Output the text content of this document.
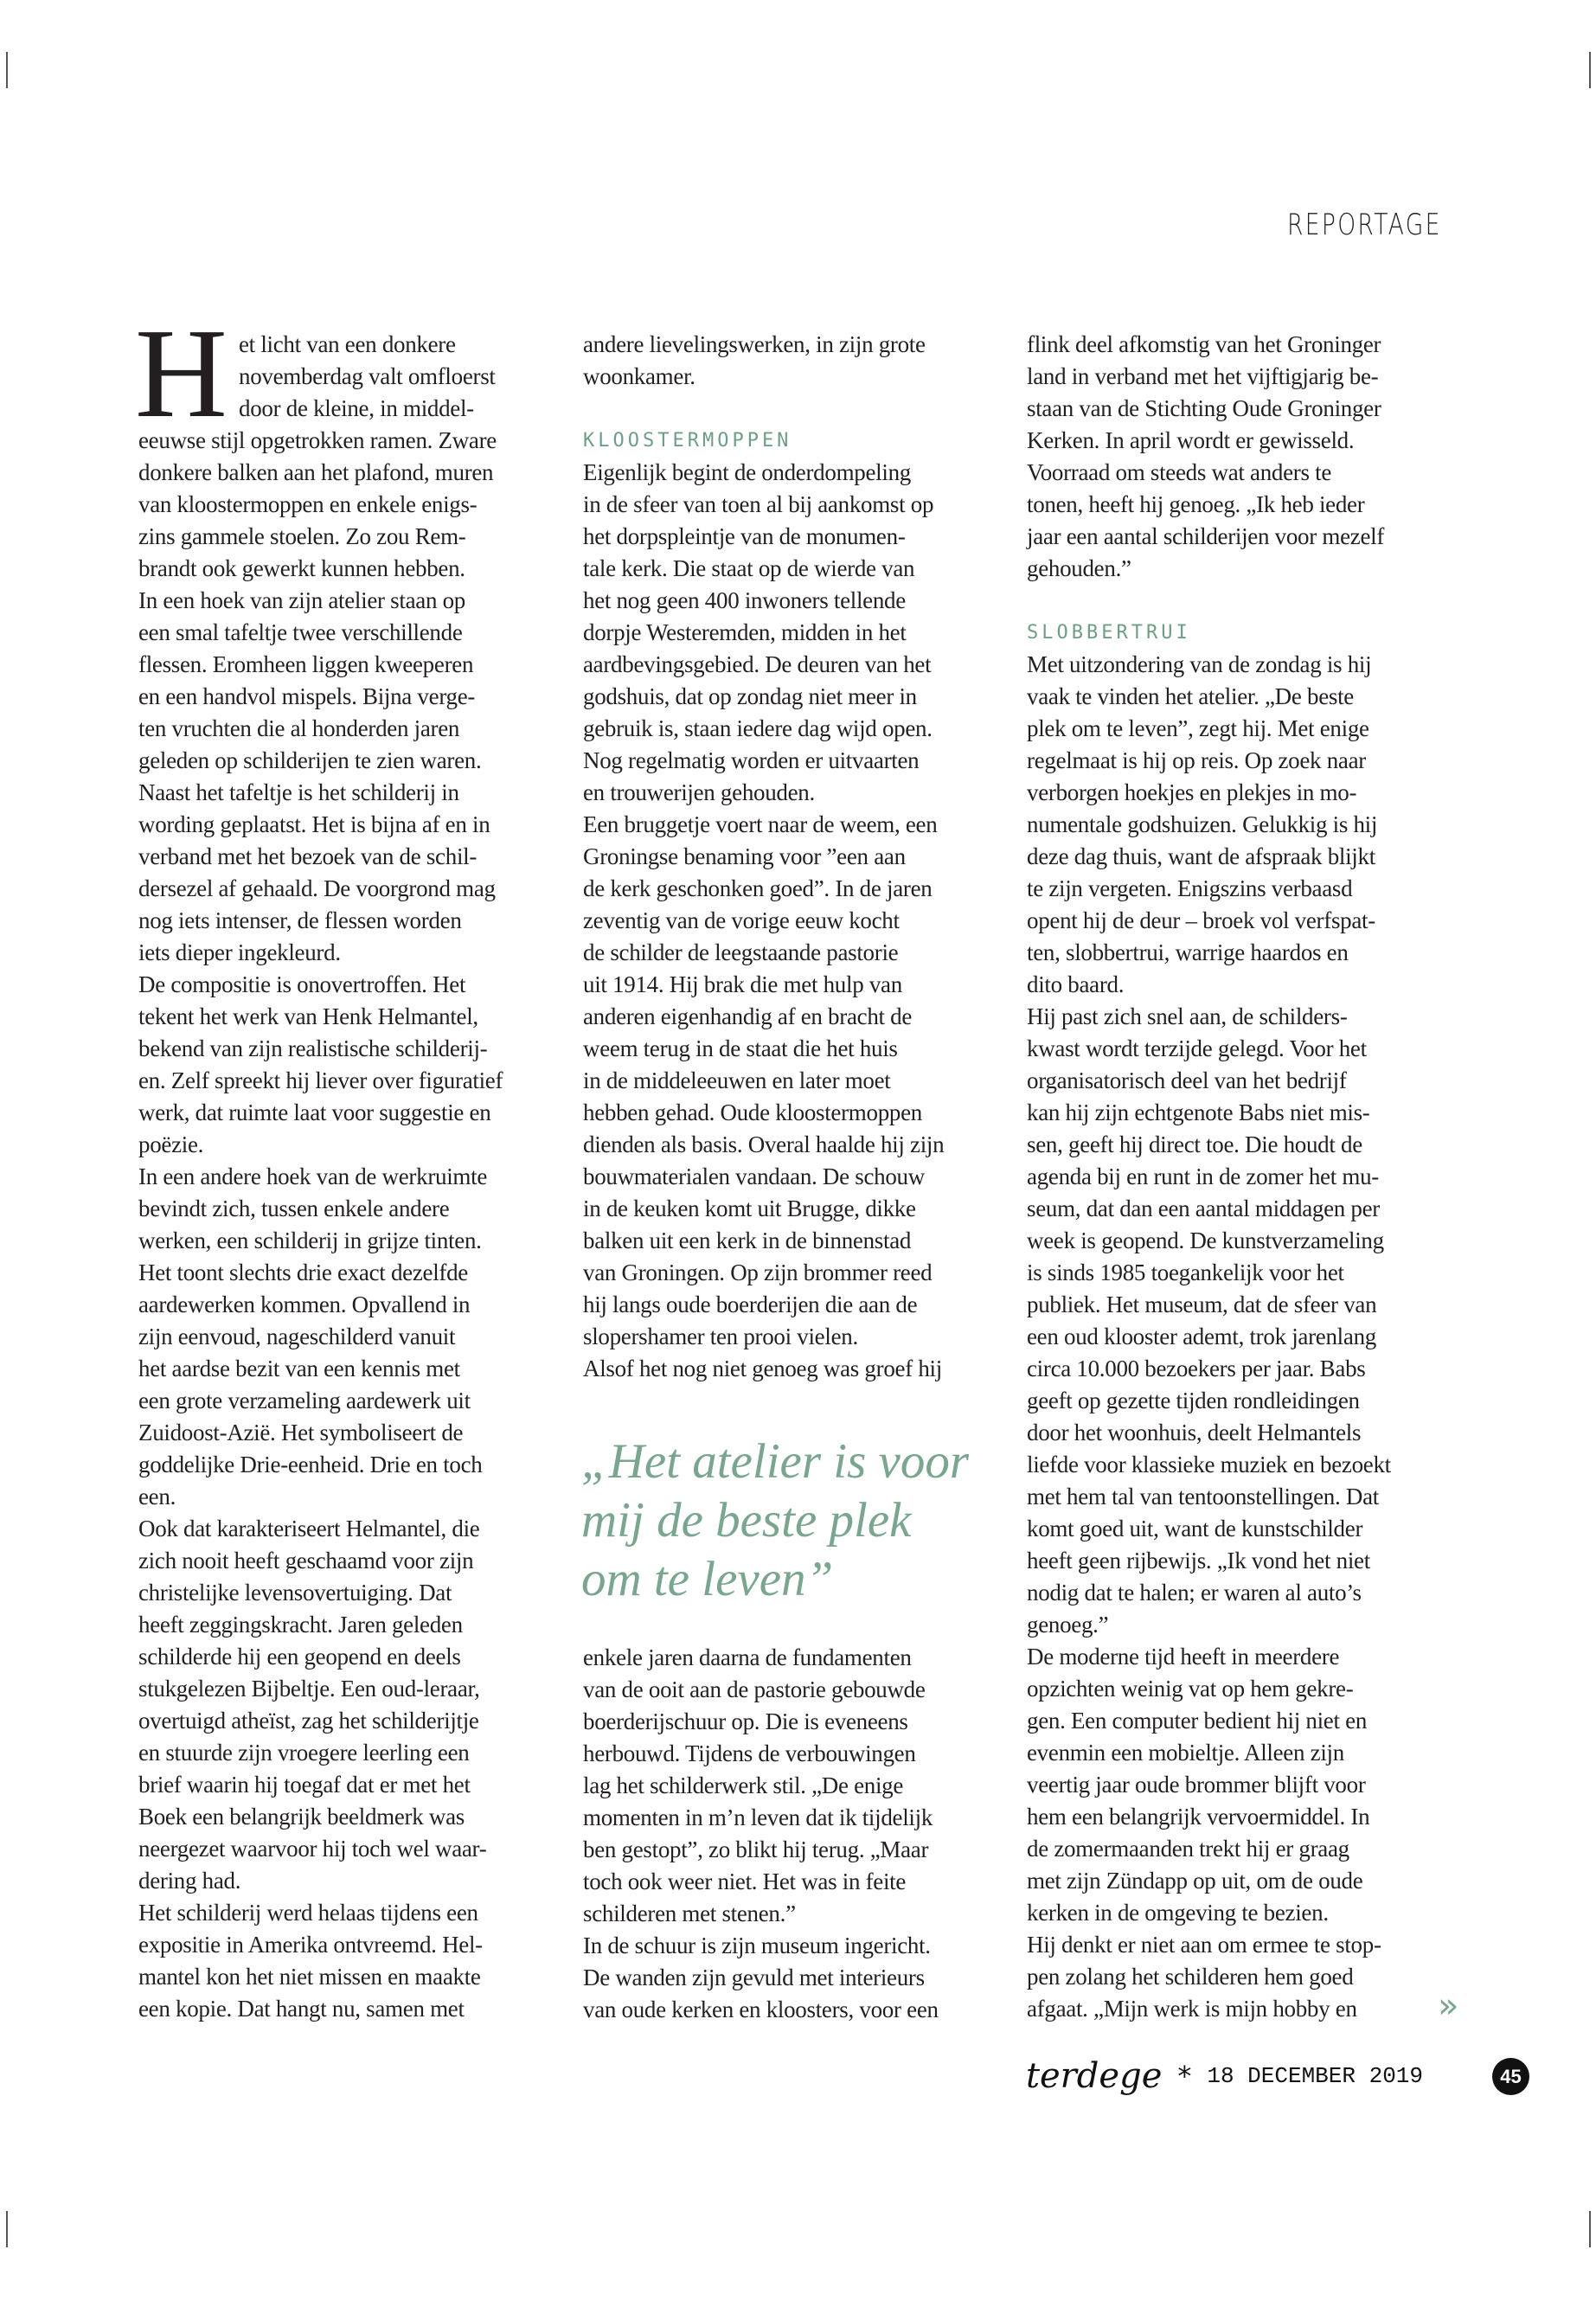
REPORTAGE
H et licht van een donkere
novemberdag valt omfloerst
door de kleine, in middel-
eeuwse stijl opgetrokken ramen. Zware
donkere balken aan het plafond, muren
van kloostermoppen en enkele enigs-
zins gammele stoelen. Zo zou Rem-
brandt ook gewerkt kunnen hebben.
In een hoek van zijn atelier staan op
een smal tafeltje twee verschillende
flessen. Eromheen liggen kweeperen
en een handvol mispels. Bijna verge-
ten vruchten die al honderden jaren
geleden op schilderijen te zien waren.
Naast het tafeltje is het schilderij in
wording geplaatst. Het is bijna af en in
verband met het bezoek van de schil-
dersezel af gehaald. De voorgrond mag
nog iets intenser, de flessen worden
iets dieper ingekleurd.
De compositie is onovertroffen. Het
tekent het werk van Henk Helmantel,
bekend van zijn realistische schilderij-
en. Zelf spreekt hij liever over figuratief
werk, dat ruimte laat voor suggestie en
poëzie.
In een andere hoek van de werkruimte
bevindt zich, tussen enkele andere
werken, een schilderij in grijze tinten.
Het toont slechts drie exact dezelfde
aardewerken kommen. Opvallend in
zijn eenvoud, nageschilderd vanuit
het aardse bezit van een kennis met
een grote verzameling aardewerk uit
Zuidoost-Azië. Het symboliseert de
goddelijke Drie-eenheid. Drie en toch
een.
Ook dat karakteriseert Helmantel, die
zich nooit heeft geschaamd voor zijn
christelijke levensovertuiging. Dat
heeft zeggingskracht. Jaren geleden
schilderde hij een geopend en deels
stukgelezen Bijbeltje. Een oud-leraar,
overtuigd atheïst, zag het schilderijtje
en stuurde zijn vroegere leerling een
brief waarin hij toegaf dat er met het
Boek een belangrijk beeldmerk was
neergezet waarvoor hij toch wel waar-
dering had.
Het schilderij werd helaas tijdens een
expositie in Amerika ontvreemd. Hel-
mantel kon het niet missen en maakte
een kopie. Dat hangt nu, samen met
andere lievelingswerken, in zijn grote
woonkamer.
KLOOSTERMOPPEN
Eigenlijk begint de onderdompeling
in de sfeer van toen al bij aankomst op
het dorpspleintje van de monumen-
tale kerk. Die staat op de wierde van
het nog geen 400 inwoners tellende
dorpje Westeremden, midden in het
aardbevingsgebied. De deuren van het
godshuis, dat op zondag niet meer in
gebruik is, staan iedere dag wijd open.
Nog regelmatig worden er uitvaarten
en trouwerijen gehouden.
Een bruggetje voert naar de weem, een
Groningse benaming voor ”een aan
de kerk geschonken goed”. In de jaren
zeventig van de vorige eeuw kocht
de schilder de leegstaande pastorie
uit 1914. Hij brak die met hulp van
anderen eigenhandig af en bracht de
weem terug in de staat die het huis
in de middeleeuwen en later moet
hebben gehad. Oude kloostermoppen
dienden als basis. Overal haalde hij zijn
bouwmaterialen vandaan. De schouw
in de keuken komt uit Brugge, dikke
balken uit een kerk in de binnenstad
van Groningen. Op zijn brommer reed
hij langs oude boerderijen die aan de
slopershamer ten prooi vielen.
Alsof het nog niet genoeg was groef hij
„Het atelier is voor
mij de beste plek
om te leven”
enkele jaren daarna de fundamenten
van de ooit aan de pastorie gebouwde
boerderijschuur op. Die is eveneens
herbouwd. Tijdens de verbouwingen
lag het schilderwerk stil. „De enige
momenten in m’n leven dat ik tijdelijk
ben gestopt”, zo blikt hij terug. „Maar
toch ook weer niet. Het was in feite
schilderen met stenen.”
In de schuur is zijn museum ingericht.
De wanden zijn gevuld met interieurs
van oude kerken en kloosters, voor een
flink deel afkomstig van het Groninger
land in verband met het vijftigjarig be-
staan van de Stichting Oude Groninger
Kerken. In april wordt er gewisseld.
Voorraad om steeds wat anders te
tonen, heeft hij genoeg. „Ik heb ieder
jaar een aantal schilderijen voor mezelf
gehouden.”
SLOBBERTRUI
Met uitzondering van de zondag is hij
vaak te vinden het atelier. „De beste
plek om te leven”, zegt hij. Met enige
regelmaat is hij op reis. Op zoek naar
verborgen hoekjes en plekjes in mo-
numentale godshuizen. Gelukkig is hij
deze dag thuis, want de afspraak blijkt
te zijn vergeten. Enigszins verbaasd
opent hij de deur – broek vol verfspat-
ten, slobbertrui, warrige haardos en
dito baard.
Hij past zich snel aan, de schilders-
kwast wordt terzijde gelegd. Voor het
organisatorisch deel van het bedrijf
kan hij zijn echtgenote Babs niet mis-
sen, geeft hij direct toe. Die houdt de
agenda bij en runt in de zomer het mu-
seum, dat dan een aantal middagen per
week is geopend. De kunstverzameling
is sinds 1985 toegankelijk voor het
publiek. Het museum, dat de sfeer van
een oud klooster ademt, trok jarenlang
circa 10.000 bezoekers per jaar. Babs
geeft op gezette tijden rondleidingen
door het woonhuis, deelt Helmantels
liefde voor klassieke muziek en bezoekt
met hem tal van tentoonstellingen. Dat
komt goed uit, want de kunstschilder
heeft geen rijbewijs. „Ik vond het niet
nodig dat te halen; er waren al auto’s
genoeg.”
De moderne tijd heeft in meerdere
opzichten weinig vat op hem gekre-
gen. Een computer bedient hij niet en
evenmin een mobieltje. Alleen zijn
veertig jaar oude brommer blijft voor
hem een belangrijk vervoermiddel. In
de zomermaanden trekt hij er graag
met zijn Zündapp op uit, om de oude
kerken in de omgeving te bezien.
Hij denkt er niet aan om ermee te stop-
pen zolang het schilderen hem goed
afgaat. „Mijn werk is mijn hobby en	»
terdege * 18 DECEMBER 2019	45
